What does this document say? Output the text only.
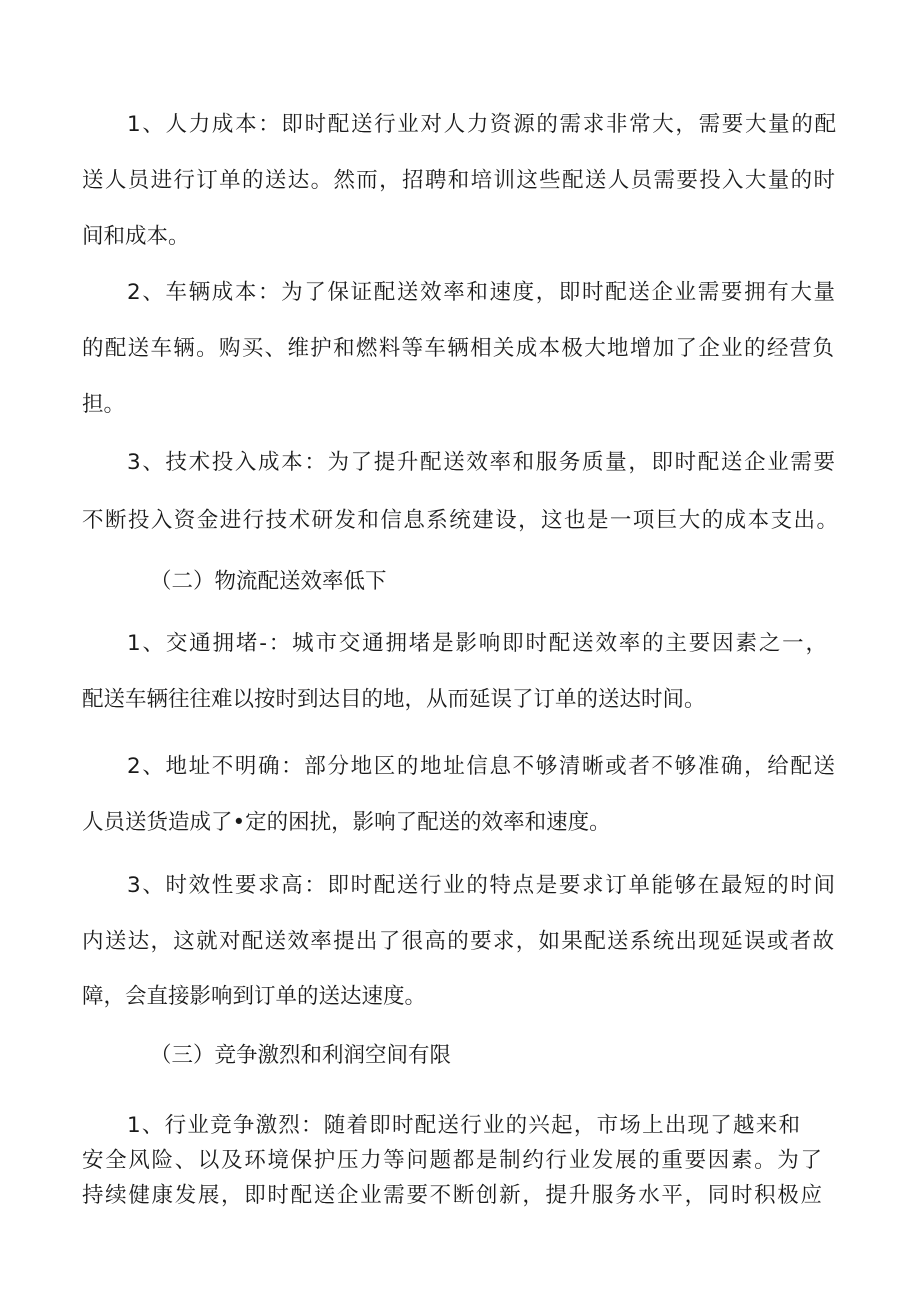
1、人力成本：即时配送行业对人力资源的需求非常大，需要大量的配

送人员进行订单的送达。然而，招聘和培训这些配送人员需要投入大量的时

间和成本。

2、车辆成本：为了保证配送效率和速度，即时配送企业需要拥有大量

的配送车辆。购买、维护和燃料等车辆相关成本极大地增加了企业的经营负

担。

3、技术投入成本：为了提升配送效率和服务质量，即时配送企业需要

不断投入资金进行技术研发和信息系统建设，这也是一项巨大的成本支出。

（二）物流配送效率低下

1、交通拥堵-：城市交通拥堵是影响即时配送效率的主要因素之一，

配送车辆往往难以按时到达目的地，从而延误了订单的送达时间。

2、地址不明确：部分地区的地址信息不够清晰或者不够准确，给配送

人员送货造成了•定的困扰，影响了配送的效率和速度。

3、时效性要求高：即时配送行业的特点是要求订单能够在最短的时间

内送达，这就对配送效率提出了很高的要求，如果配送系统出现延误或者故

障，会直接影响到订单的送达速度。

（三）竞争激烈和利润空间有限

1、行业竞争激烈：随着即时配送行业的兴起，市场上出现了越来和

安全风险、以及环境保护压力等问题都是制约行业发展的重要因素。为了

持续健康发展，即时配送企业需要不断创新，提升服务水平，同时积极应
